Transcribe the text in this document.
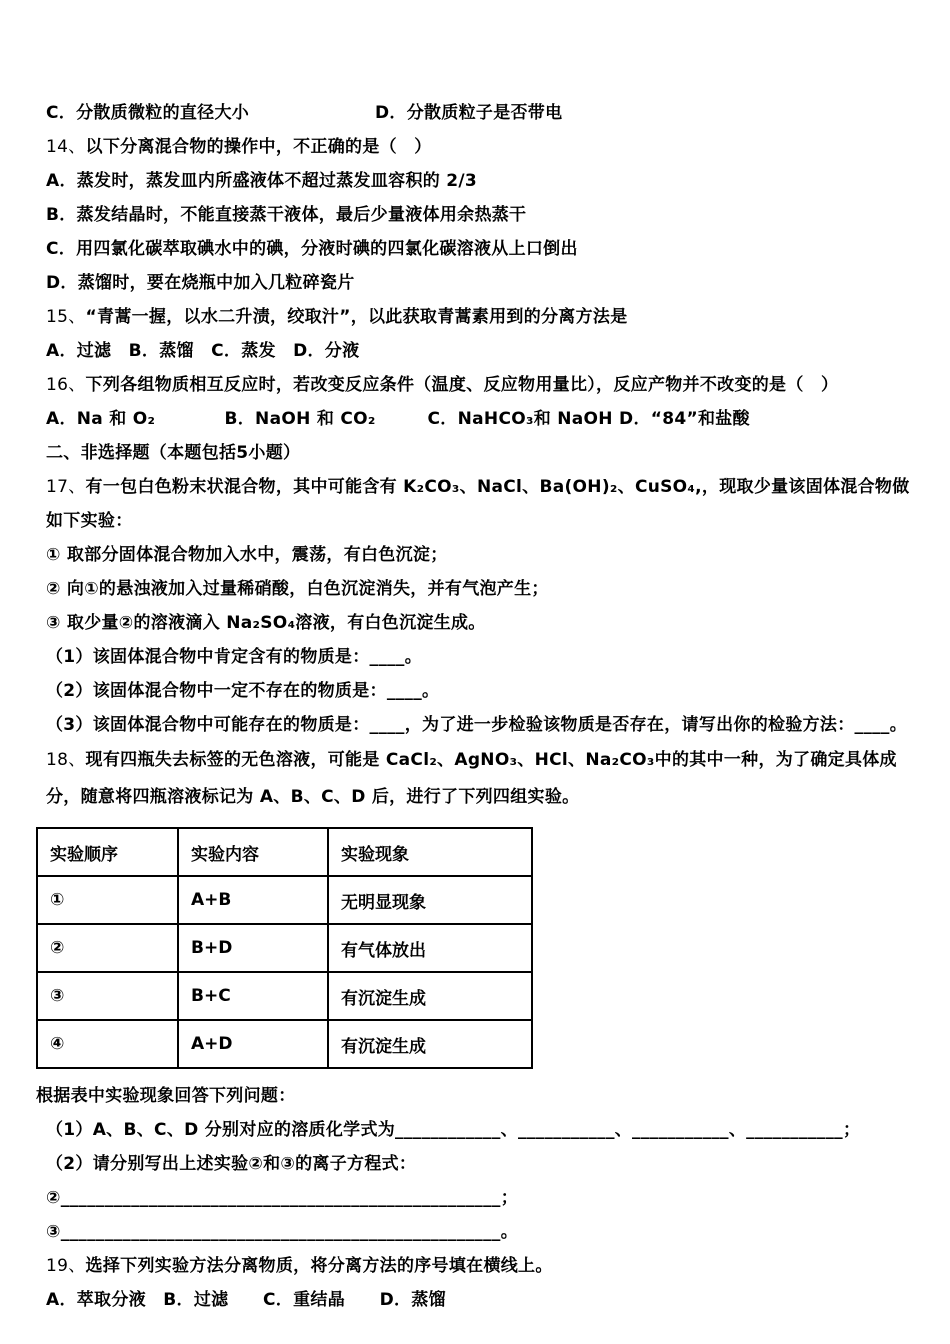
C．分散质微粒的直径大小	D．分散质粒子是否带电

14、以下分离混合物的操作中，不正确的是（　）

A．蒸发时，蒸发皿内所盛液体不超过蒸发皿容积的 2/3

B．蒸发结晶时，不能直接蒸干液体，最后少量液体用余热蒸干

C．用四氯化碳萃取碘水中的碘，分液时碘的四氯化碳溶液从上口倒出

D．蒸馏时，要在烧瓶中加入几粒碎瓷片

15、“青蒿一握，以水二升渍，绞取汁”，以此获取青蒿素用到的分离方法是

A．过滤　B．蒸馏　C．蒸发　D．分液

16、下列各组物质相互反应时，若改变反应条件（温度、反应物用量比），反应产物并不改变的是（　）

A．Na 和 O₂　　　　B．NaOH 和 CO₂　　　C．NaHCO₃和 NaOH D．“84”和盐酸

二、非选择题（本题包括5小题）

17、有一包白色粉末状混合物，其中可能含有 K₂CO₃、NaCl、Ba(OH)₂、CuSO₄,，现取少量该固体混合物做如下实验：

① 取部分固体混合物加入水中，震荡，有白色沉淀；

② 向①的悬浊液加入过量稀硝酸，白色沉淀消失，并有气泡产生；

③ 取少量②的溶液滴入 Na₂SO₄溶液，有白色沉淀生成。

（1）该固体混合物中肯定含有的物质是：____。

（2）该固体混合物中一定不存在的物质是：____。

（3）该固体混合物中可能存在的物质是：____，为了进一步检验该物质是否存在，请写出你的检验方法：____。

18、现有四瓶失去标签的无色溶液，可能是 CaCl₂、AgNO₃、HCl、Na₂CO₃中的其中一种，为了确定具体成分，随意将四瓶溶液标记为 A、B、C、D 后，进行了下列四组实验。

实验顺序	实验内容	实验现象
①	A+B	无明显现象
②	B+D	有气体放出
③	B+C	有沉淀生成
④	A+D	有沉淀生成

根据表中实验现象回答下列问题：

（1）A、B、C、D 分别对应的溶质化学式为____________、___________、___________、___________；

（2）请分别写出上述实验②和③的离子方程式：

②__________________________________________________；

③__________________________________________________。

19、选择下列实验方法分离物质，将分离方法的序号填在横线上。

A．萃取分液　B．过滤　　C．重结晶　　D．蒸馏
